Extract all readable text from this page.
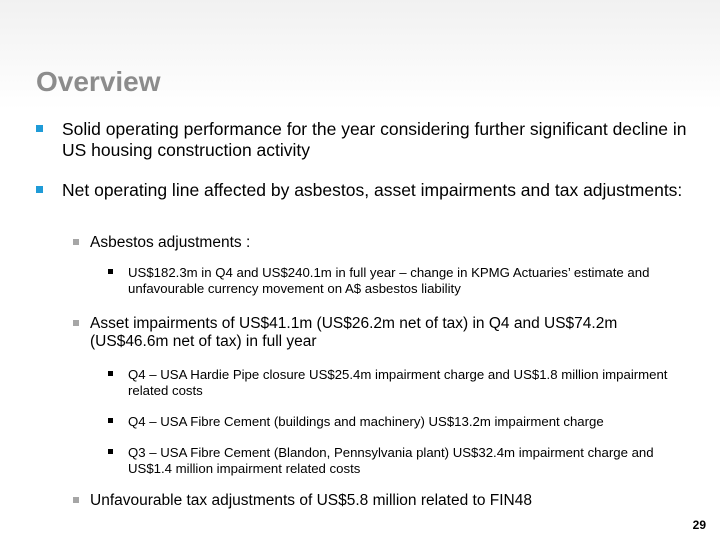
Overview
Solid operating performance for the year considering further significant decline in US housing construction activity
Net operating line affected by asbestos, asset impairments and tax adjustments:
Asbestos adjustments :
US$182.3m in Q4 and US$240.1m in full year – change in KPMG Actuaries’ estimate and unfavourable currency movement on A$ asbestos liability
Asset impairments of US$41.1m (US$26.2m net of tax) in Q4 and US$74.2m (US$46.6m net of tax) in full year
Q4 – USA Hardie Pipe closure US$25.4m impairment charge and US$1.8 million impairment related costs
Q4 – USA Fibre Cement (buildings and machinery) US$13.2m impairment charge
Q3 – USA Fibre Cement (Blandon, Pennsylvania plant) US$32.4m impairment charge and US$1.4 million impairment related costs
Unfavourable tax adjustments of US$5.8 million related to FIN48
29
